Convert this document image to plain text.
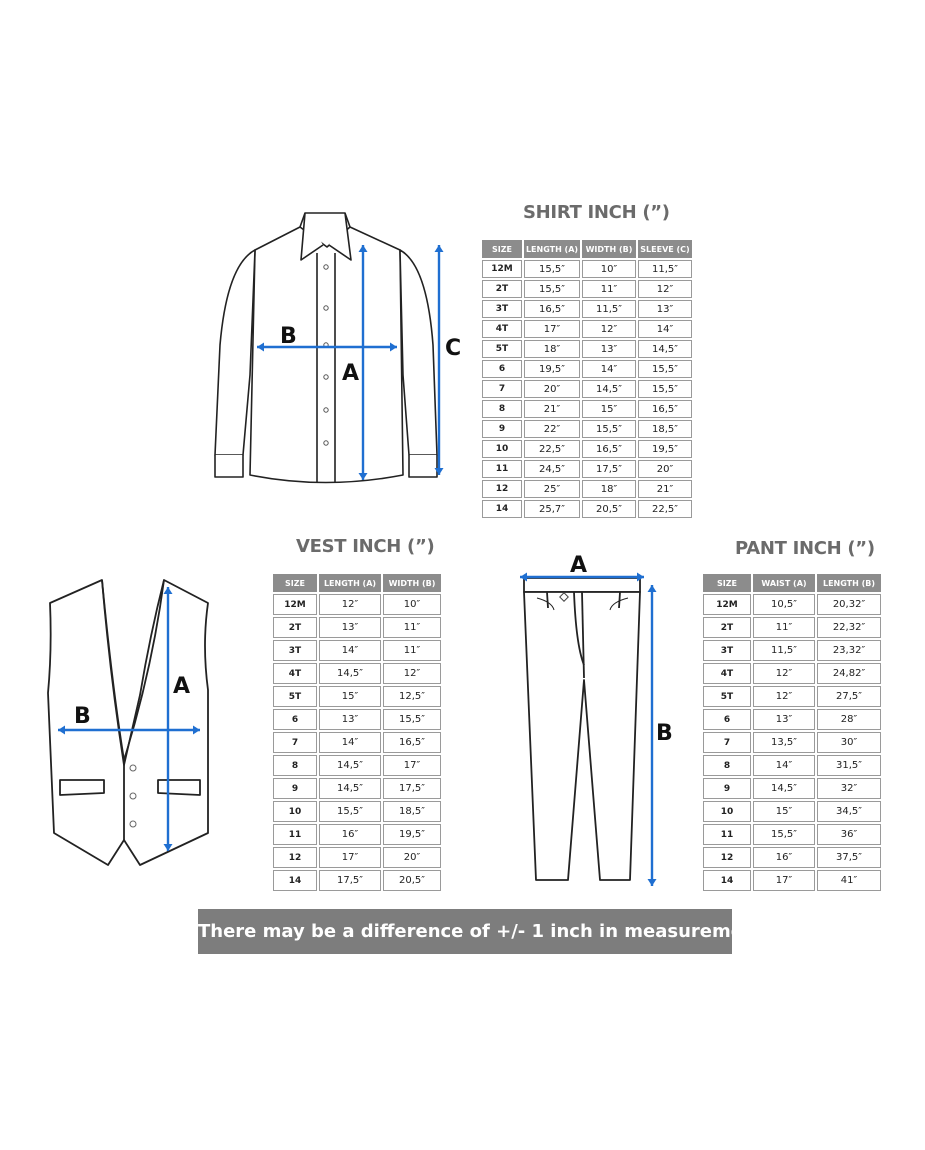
B
A
C
SHIRT INCH (”)
SIZE	LENGTH (A)	WIDTH (B)	SLEEVE (C)
12M	15,5″	10″	11,5″
2T	15,5″	11″	12″
3T	16,5″	11,5″	13″
4T	17″	12″	14″
5T	18″	13″	14,5″
6	19,5″	14″	15,5″
7	20″	14,5″	15,5″
8	21″	15″	16,5″
9	22″	15,5″	18,5″
10	22,5″	16,5″	19,5″
11	24,5″	17,5″	20″
12	25″	18″	21″
14	25,7″	20,5″	22,5″
VEST INCH (”)
B
A
SIZE	LENGTH (A)	WIDTH (B)
12M	12″	10″
2T	13″	11″
3T	14″	11″
4T	14,5″	12″
5T	15″	12,5″
6	13″	15,5″
7	14″	16,5″
8	14,5″	17″
9	14,5″	17,5″
10	15,5″	18,5″
11	16″	19,5″
12	17″	20″
14	17,5″	20,5″
A
B
PANT INCH (”)
SIZE	WAIST (A)	LENGTH (B)
12M	10,5″	20,32″
2T	11″	22,32″
3T	11,5″	23,32″
4T	12″	24,82″
5T	12″	27,5″
6	13″	28″
7	13,5″	30″
8	14″	31,5″
9	14,5″	32″
10	15″	34,5″
11	15,5″	36″
12	16″	37,5″
14	17″	41″
There may be a difference of +/- 1 inch in measurements
